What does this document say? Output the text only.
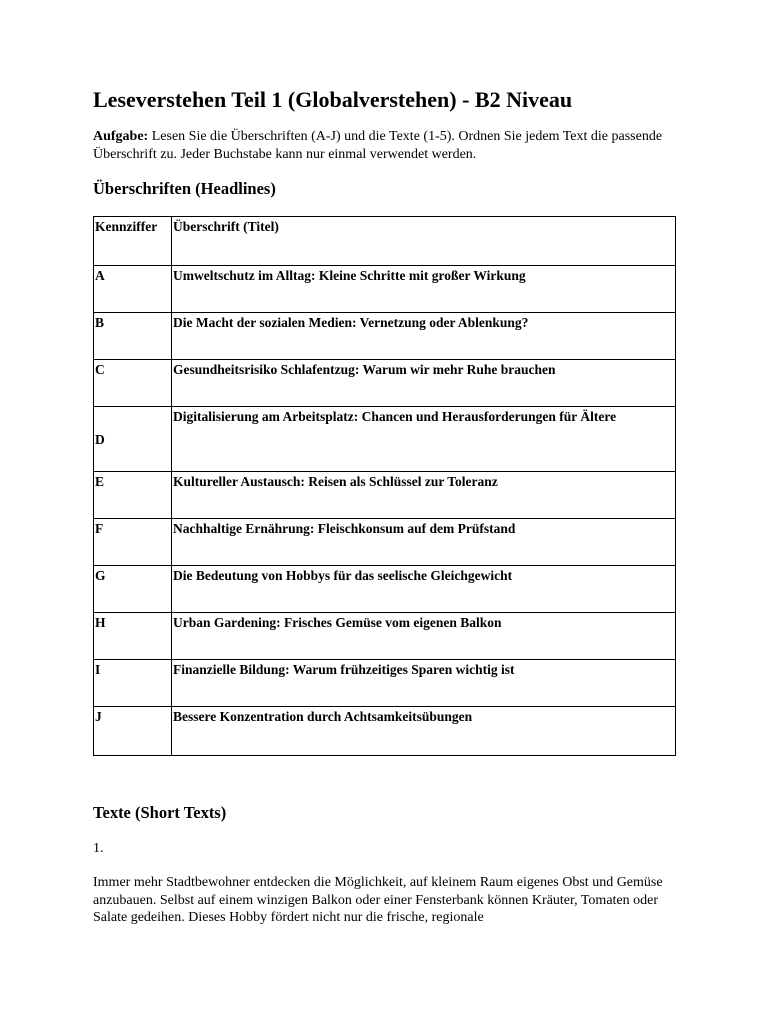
Leseverstehen Teil 1 (Globalverstehen) - B2 Niveau

Aufgabe: Lesen Sie die Überschriften (A-J) und die Texte (1-5). Ordnen Sie jedem Text die passende Überschrift zu. Jeder Buchstabe kann nur einmal verwendet werden.

Überschriften (Headlines)
Kennziffer	Überschrift (Titel)
A	Umweltschutz im Alltag: Kleine Schritte mit großer Wirkung
B	Die Macht der sozialen Medien: Vernetzung oder Ablenkung?
C	Gesundheitsrisiko Schlafentzug: Warum wir mehr Ruhe brauchen
D	Digitalisierung am Arbeitsplatz: Chancen und Herausforderungen für Ältere
E	Kultureller Austausch: Reisen als Schlüssel zur Toleranz
F	Nachhaltige Ernährung: Fleischkonsum auf dem Prüfstand
G	Die Bedeutung von Hobbys für das seelische Gleichgewicht
H	Urban Gardening: Frisches Gemüse vom eigenen Balkon
I	Finanzielle Bildung: Warum frühzeitiges Sparen wichtig ist
J	Bessere Konzentration durch Achtsamkeitsübungen
Texte (Short Texts)

1.

Immer mehr Stadtbewohner entdecken die Möglichkeit, auf kleinem Raum eigenes Obst und Gemüse anzubauen. Selbst auf einem winzigen Balkon oder einer Fensterbank können Kräuter, Tomaten oder Salate gedeihen. Dieses Hobby fördert nicht nur die frische, regionale
